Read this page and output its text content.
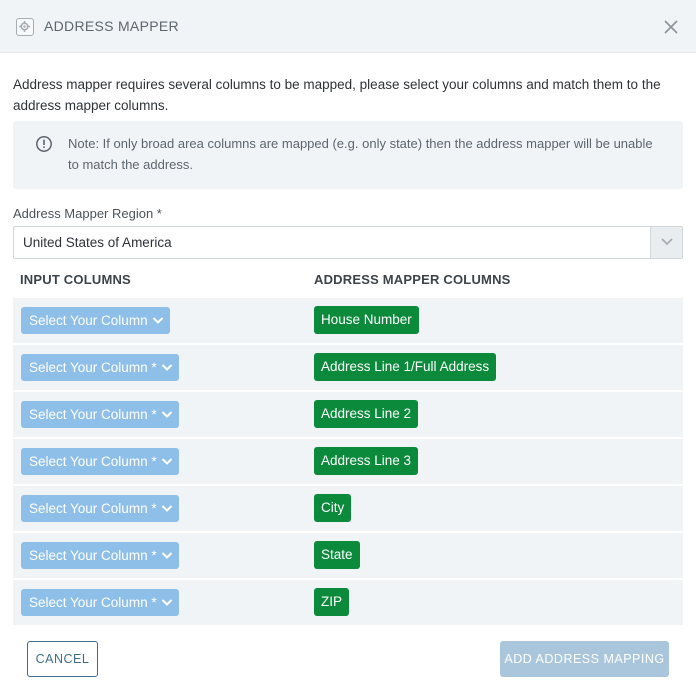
ADDRESS MAPPER
Address mapper requires several columns to be mapped, please select your columns and match them to the address mapper columns.
Note: If only broad area columns are mapped (e.g. only state) then the address mapper will be unable to match the address.
Address Mapper Region *
United States of America
INPUT COLUMNS	ADDRESS MAPPER COLUMNS
Select Your Column	House Number
Select Your Column *	Address Line 1/Full Address
Select Your Column *	Address Line 2
Select Your Column *	Address Line 3
Select Your Column *	City
Select Your Column *	State
Select Your Column *	ZIP
CANCEL	ADD ADDRESS MAPPING
